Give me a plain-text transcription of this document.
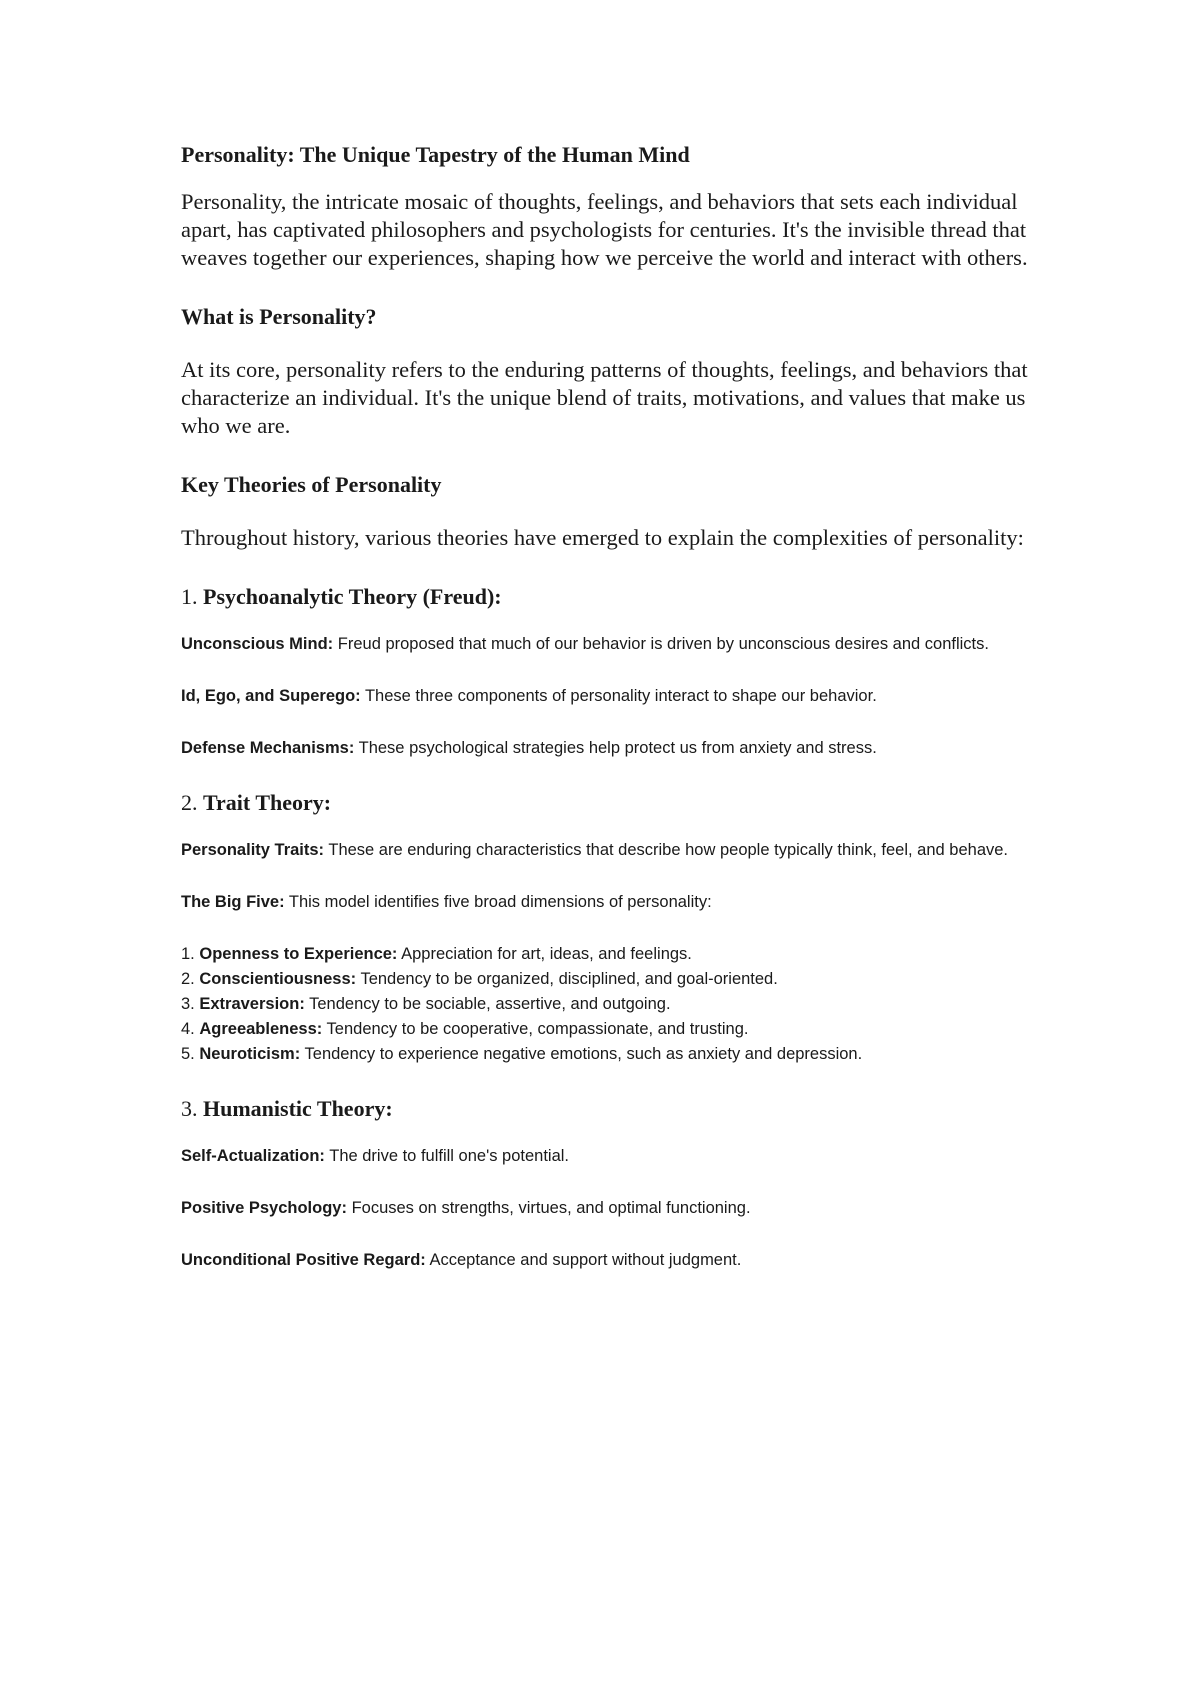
Personality: The Unique Tapestry of the Human Mind

Personality, the intricate mosaic of thoughts, feelings, and behaviors that sets each individual apart, has captivated philosophers and psychologists for centuries. It's the invisible thread that weaves together our experiences, shaping how we perceive the world and interact with others.

What is Personality?

At its core, personality refers to the enduring patterns of thoughts, feelings, and behaviors that characterize an individual. It's the unique blend of traits, motivations, and values that make us who we are.

Key Theories of Personality

Throughout history, various theories have emerged to explain the complexities of personality:

1. Psychoanalytic Theory (Freud):

Unconscious Mind: Freud proposed that much of our behavior is driven by unconscious desires and conflicts.

Id, Ego, and Superego: These three components of personality interact to shape our behavior.

Defense Mechanisms: These psychological strategies help protect us from anxiety and stress.

2. Trait Theory:

Personality Traits: These are enduring characteristics that describe how people typically think, feel, and behave.

The Big Five: This model identifies five broad dimensions of personality:

1. Openness to Experience: Appreciation for art, ideas, and feelings.
2. Conscientiousness: Tendency to be organized, disciplined, and goal-oriented.
3. Extraversion: Tendency to be sociable, assertive, and outgoing.
4. Agreeableness: Tendency to be cooperative, compassionate, and trusting.
5. Neuroticism: Tendency to experience negative emotions, such as anxiety and depression.

3. Humanistic Theory:

Self-Actualization: The drive to fulfill one's potential.

Positive Psychology: Focuses on strengths, virtues, and optimal functioning.

Unconditional Positive Regard: Acceptance and support without judgment.
